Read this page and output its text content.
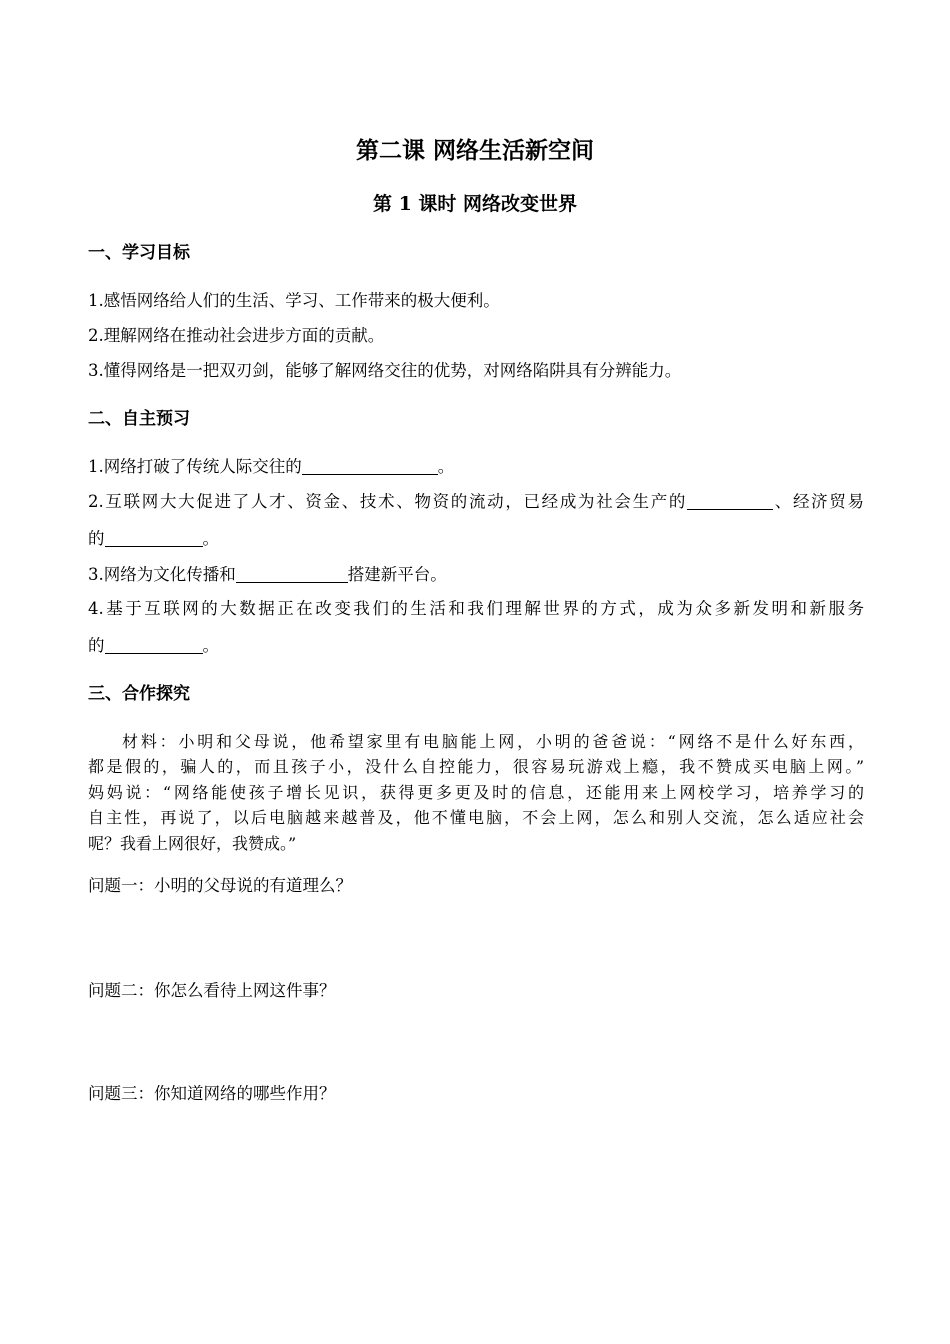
第二课 网络生活新空间
第 1 课时 网络改变世界
一、学习目标
1.感悟网络给人们的生活、学习、工作带来的极大便利。
2.理解网络在推动社会进步方面的贡献。
3.懂得网络是一把双刃剑，能够了解网络交往的优势，对网络陷阱具有分辨能力。
二、自主预习
1.网络打破了传统人际交往的	。
2.互联网大大促进了人才、资金、技术、物资的流动，已经成为社会生产的	、经济贸易
的	。
3.网络为文化传播和	搭建新平台。
4.基于互联网的大数据正在改变我们的生活和我们理解世界的方式，成为众多新发明和新服务
的	。
三、合作探究
材料：小明和父母说，他希望家里有电脑能上网，小明的爸爸说：“网络不是什么好东西，
都是假的，骗人的，而且孩子小，没什么自控能力，很容易玩游戏上瘾，我不赞成买电脑上网。”
妈妈说：“网络能使孩子增长见识，获得更多更及时的信息，还能用来上网校学习，培养学习的
自主性，再说了，以后电脑越来越普及，他不懂电脑，不会上网，怎么和别人交流，怎么适应社会
呢？我看上网很好，我赞成。”
问题一：小明的父母说的有道理么？
问题二：你怎么看待上网这件事？
问题三：你知道网络的哪些作用？
